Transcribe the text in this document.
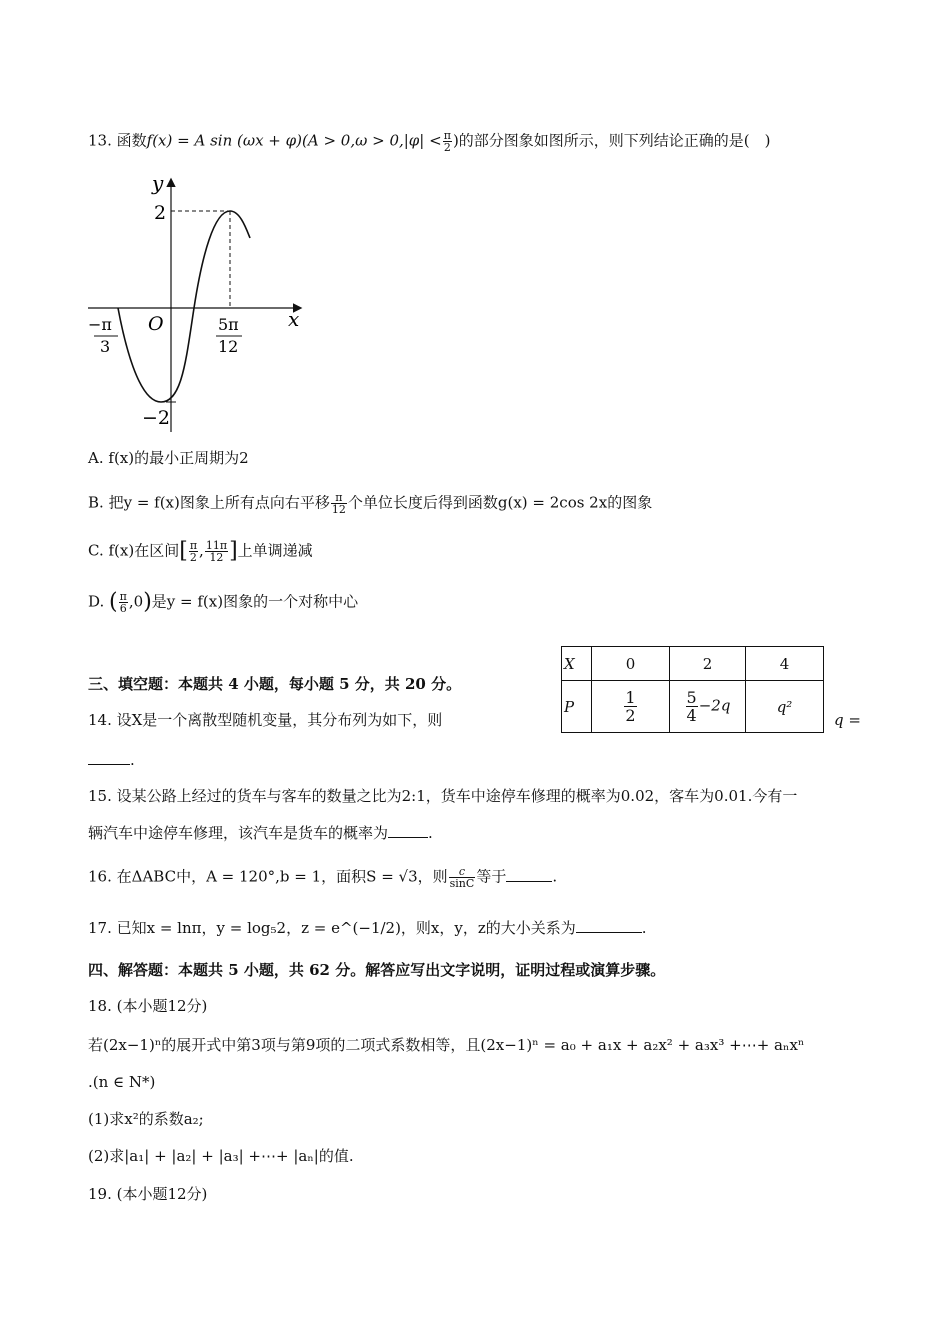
13. 函数f(x) = A $\sin (\omega x + \varphi)(A > 0,\omega > 0,|\varphi| < \frac{\pi}{2}$ )的部分图象如图所示，则下列结论正确的是(　)
y
x
O
2
−2
−π
3
5π
12
A. f(x)的最小正周期为2
B. 把y = f(x)图象上所有点向右平移 $\frac{\pi}{12}$ 个单位长度后得到函数g(x) = 2cos 2x的图象
C. f(x)在区间[ $\frac{\pi}{2}$ , $\frac{11\pi}{12}$ ]上单调递减
D. ( $\frac{\pi}{6} ,0$)是y = f(x)图象的一个对称中心
三、填空题：本题共 4 小题，每小题 5 分，共 20 分。
X	0	2	4
P	$\frac{1}{2}$	$\frac{5}{4} -2q$	q²
14. 设X是一个离散型随机变量，其分布列为如下，则	q =
.
15. 设某公路上经过的货车与客车的数量之比为2:1，货车中途停车修理的概率为0.02，客车为0.01.今有一
辆汽车中途停车修理，该汽车是货车的概率为	.
16. 在ΔABC中，A = 120°,b = 1，面积S = √3，则 $\frac{c}{\sin C}$ 等于	.
17. 已知x = lnπ，y = log₅2，z = e^(−1/2)，则x，y，z的大小关系为	.
四、解答题：本题共 5 小题，共 62 分。解答应写出文字说明，证明过程或演算步骤。
18. (本小题12分)
若(2x−1)ⁿ的展开式中第3项与第9项的二项式系数相等，且(2x−1)ⁿ = a₀ + a₁x + a₂x² + a₃x³ +⋯+ aₙxⁿ
.(n ∈ N*)
(1)求x²的系数a₂;
(2)求|a₁| + |a₂| + |a₃| +⋯+ |aₙ|的值.
19. (本小题12分)
